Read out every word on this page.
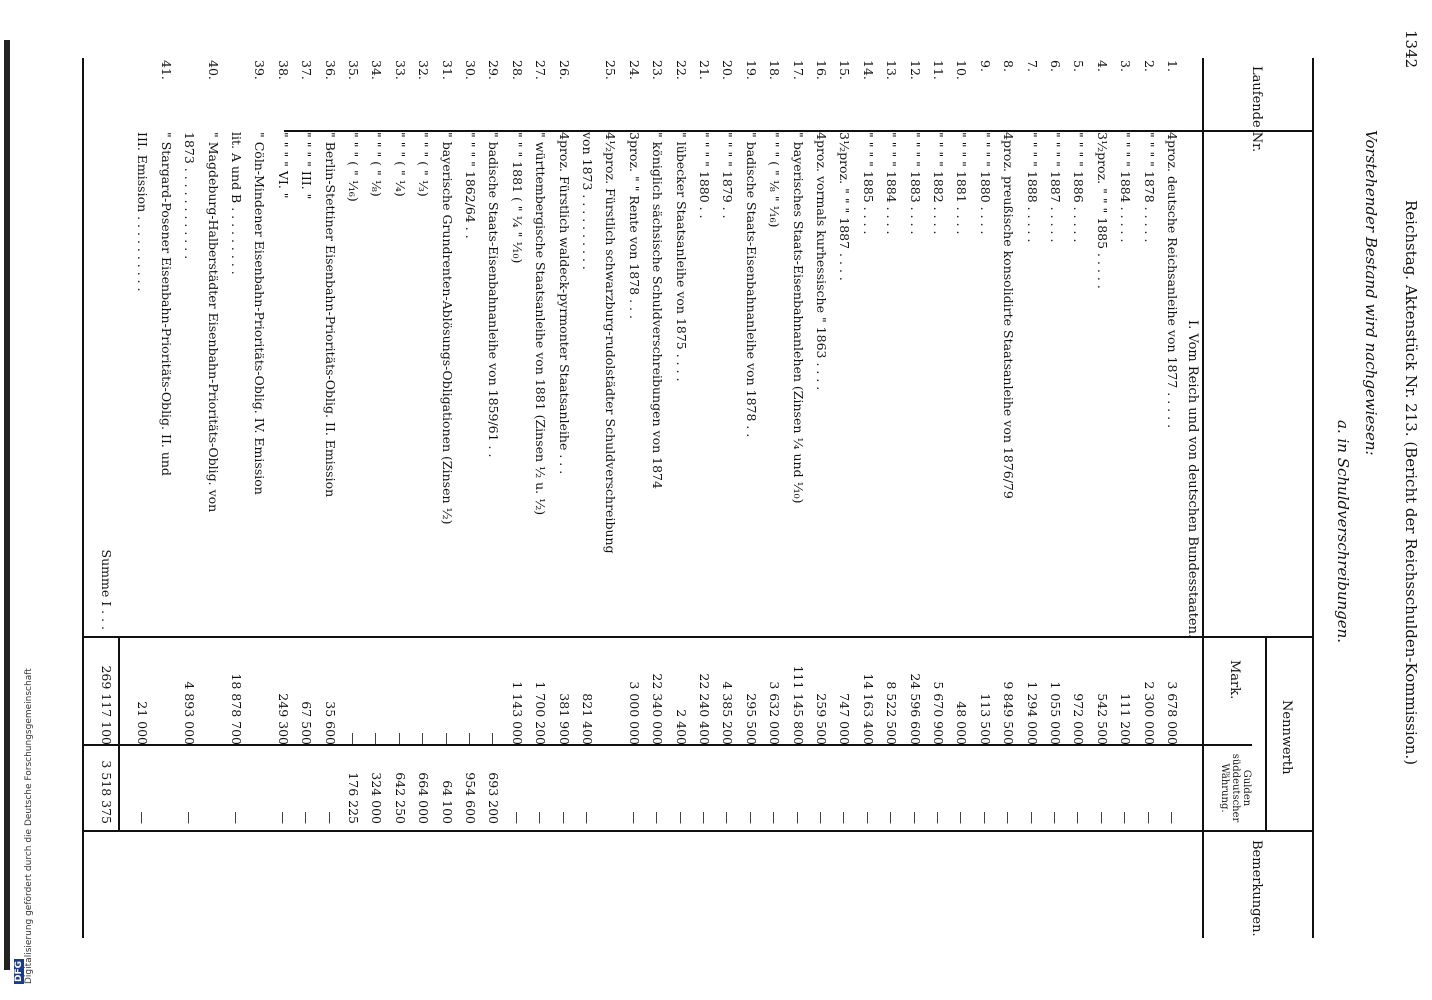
1342
Reichstag. Aktenstück Nr. 213. (Bericht der Reichsschulden-Kommission.)
Vorstehender Bestand wird nachgewiesen:
a. in Schuldverschreibungen.
Laufende Nr.
Nennwerth
Mark.
Gulden süddeutscher Währung.
Bemerkungen.
I. Vom Reich und von deutschen Bundesstaaten.
1.
4proz. deutsche Reichsanleihe von 1877 . . . . .
3 678 000
—
2.
" " " " 1878 . . . . .
2 300 000
—
3.
" " " " 1884 . . . . .
111 200
—
4.
3½proz. " " " 1885 . . . . .
542 500
—
5.
" " " " 1886 . . . . .
972 000
—
6.
" " " " 1887 . . . . .
1 055 000
—
7.
" " " " 1888 . . . . .
1 294 000
—
8.
4proz. preußische konsolidirte Staatsanleihe von 1876/79
9 849 500
—
9.
" " " " 1880 . . . .
113 500
—
10.
" " " " 1881 . . . .
48 000
—
11.
" " " " 1882 . . . .
5 670 900
—
12.
" " " " 1883 . . . .
24 596 600
—
13.
" " " " 1884 . . . .
8 522 500
—
14.
" " " " 1885 . . . .
14 163 400
—
15.
3½proz. " " " 1887 . . . .
747 000
—
16.
4proz. vormals kurhessische " 1863 . . . .
259 500
—
17.
" bayerisches Staats-Eisenbahnanlehen (Zinsen ¼ und ⅟₁₀)
111 145 800
—
18.
" " " ( " ⅛ " ⅟₁₆)
3 632 000
—
19.
" badische Staats-Eisenbahnanleihe von 1878 . .
295 500
—
20.
" " " " 1879 . .
4 385 200
—
21.
" " " " 1880 . .
22 240 400
—
22.
" lübecker Staatsanleihe von 1875 . . . .
2 400
—
23.
" königlich sächsische Schuldverschreibungen von 1874
22 340 000
—
24.
3proz. " " Rente von 1878 . . .
3 000 000
—
25.
4½proz. Fürstlich schwarzburg-rudolstädter Schuldverschreibung
von 1873 . . . . . . . . . .
821 400
—
26.
4proz. Fürstlich waldeck-pyrmonter Staatsanleihe . . .
381 900
—
27.
" württembergische Staatsanleihe von 1881 (Zinsen ½ u. ½)
1 700 200
—
28.
" " " 1881 ( " ¼ " ⅟₁₀)
1 143 000
—
29.
" badische Staats-Eisenbahnanleihe von 1859/61 . .
—
693 200
30.
" " " " 1862/64 . .
—
954 600
31.
" bayerische Grundrenten-Ablösungs-Obligationen (Zinsen ½)
—
64 100
32.
" " " ( " ⅓)
—
664 000
33.
" " " ( " ¼)
—
642 250
34.
" " " ( " ⅛)
—
324 000
35.
" " " ( " ⅟₁₆)
—
176 225
36.
" Berlin-Stettiner Eisenbahn-Prioritäts-Oblig. II. Emission
35 600
—
37.
" " " " III. "
67 500
—
38.
" " " " VI. "
249 300
—
39.
" Cöln-Mindener Eisenbahn-Prioritäts-Oblig. IV. Emission
lit. A und B . . . . . . . . .
18 878 700
—
40.
" Magdeburg-Halberstädter Eisenbahn-Prioritäts-Oblig. von
1873 . . . . . . . . . . . .
4 893 000
—
41.
" Stargard-Posener Eisenbahn-Prioritäts-Oblig. II. und
III. Emission . . . . . . . . . .
21 000
—
Summe I . . .
269 117 100
3 518 375
DFG Digitalisierung gefördert durch die Deutsche Forschungsgemeinschaft
